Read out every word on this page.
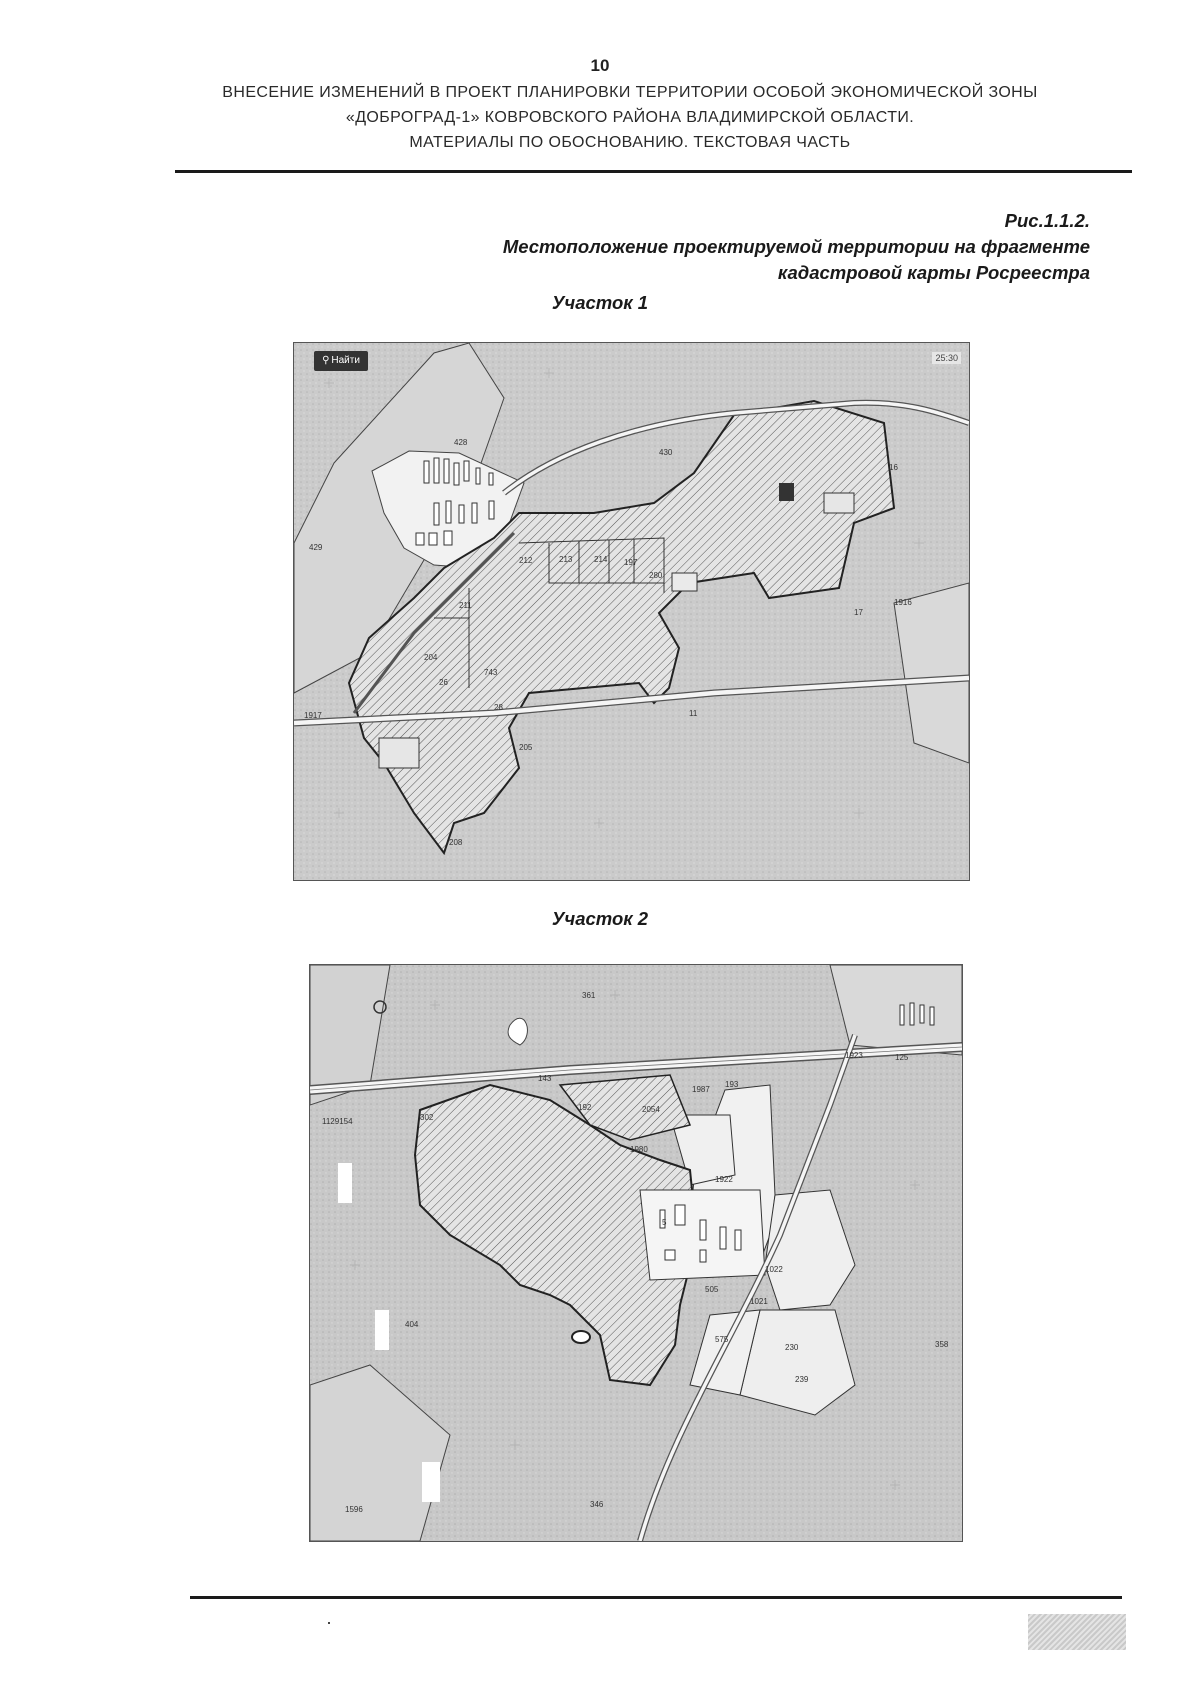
10
ВНЕСЕНИЕ ИЗМЕНЕНИЙ В ПРОЕКТ ПЛАНИРОВКИ ТЕРРИТОРИИ ОСОБОЙ ЭКОНОМИЧЕСКОЙ ЗОНЫ
«ДОБРОГРАД-1» КОВРОВСКОГО РАЙОНА ВЛАДИМИРСКОЙ ОБЛАСТИ.
МАТЕРИАЛЫ ПО ОБОСНОВАНИЮ. ТЕКСТОВАЯ ЧАСТЬ
Рис.1.1.2.
Местоположение проектируемой территории на фрагменте
кадастровой карты Росреестра
Участок 1
⚲ Найти	25:30
428
430
429
211
212	213	214
17
16
1916
1917
28
26
204
205
208
11
743
197
280
Участок 2
361
143
1987
2054
192
1980
193
1922
5
404
505
1022
1021
575
230
239
358
346
1596
1129154	302
125
1923
